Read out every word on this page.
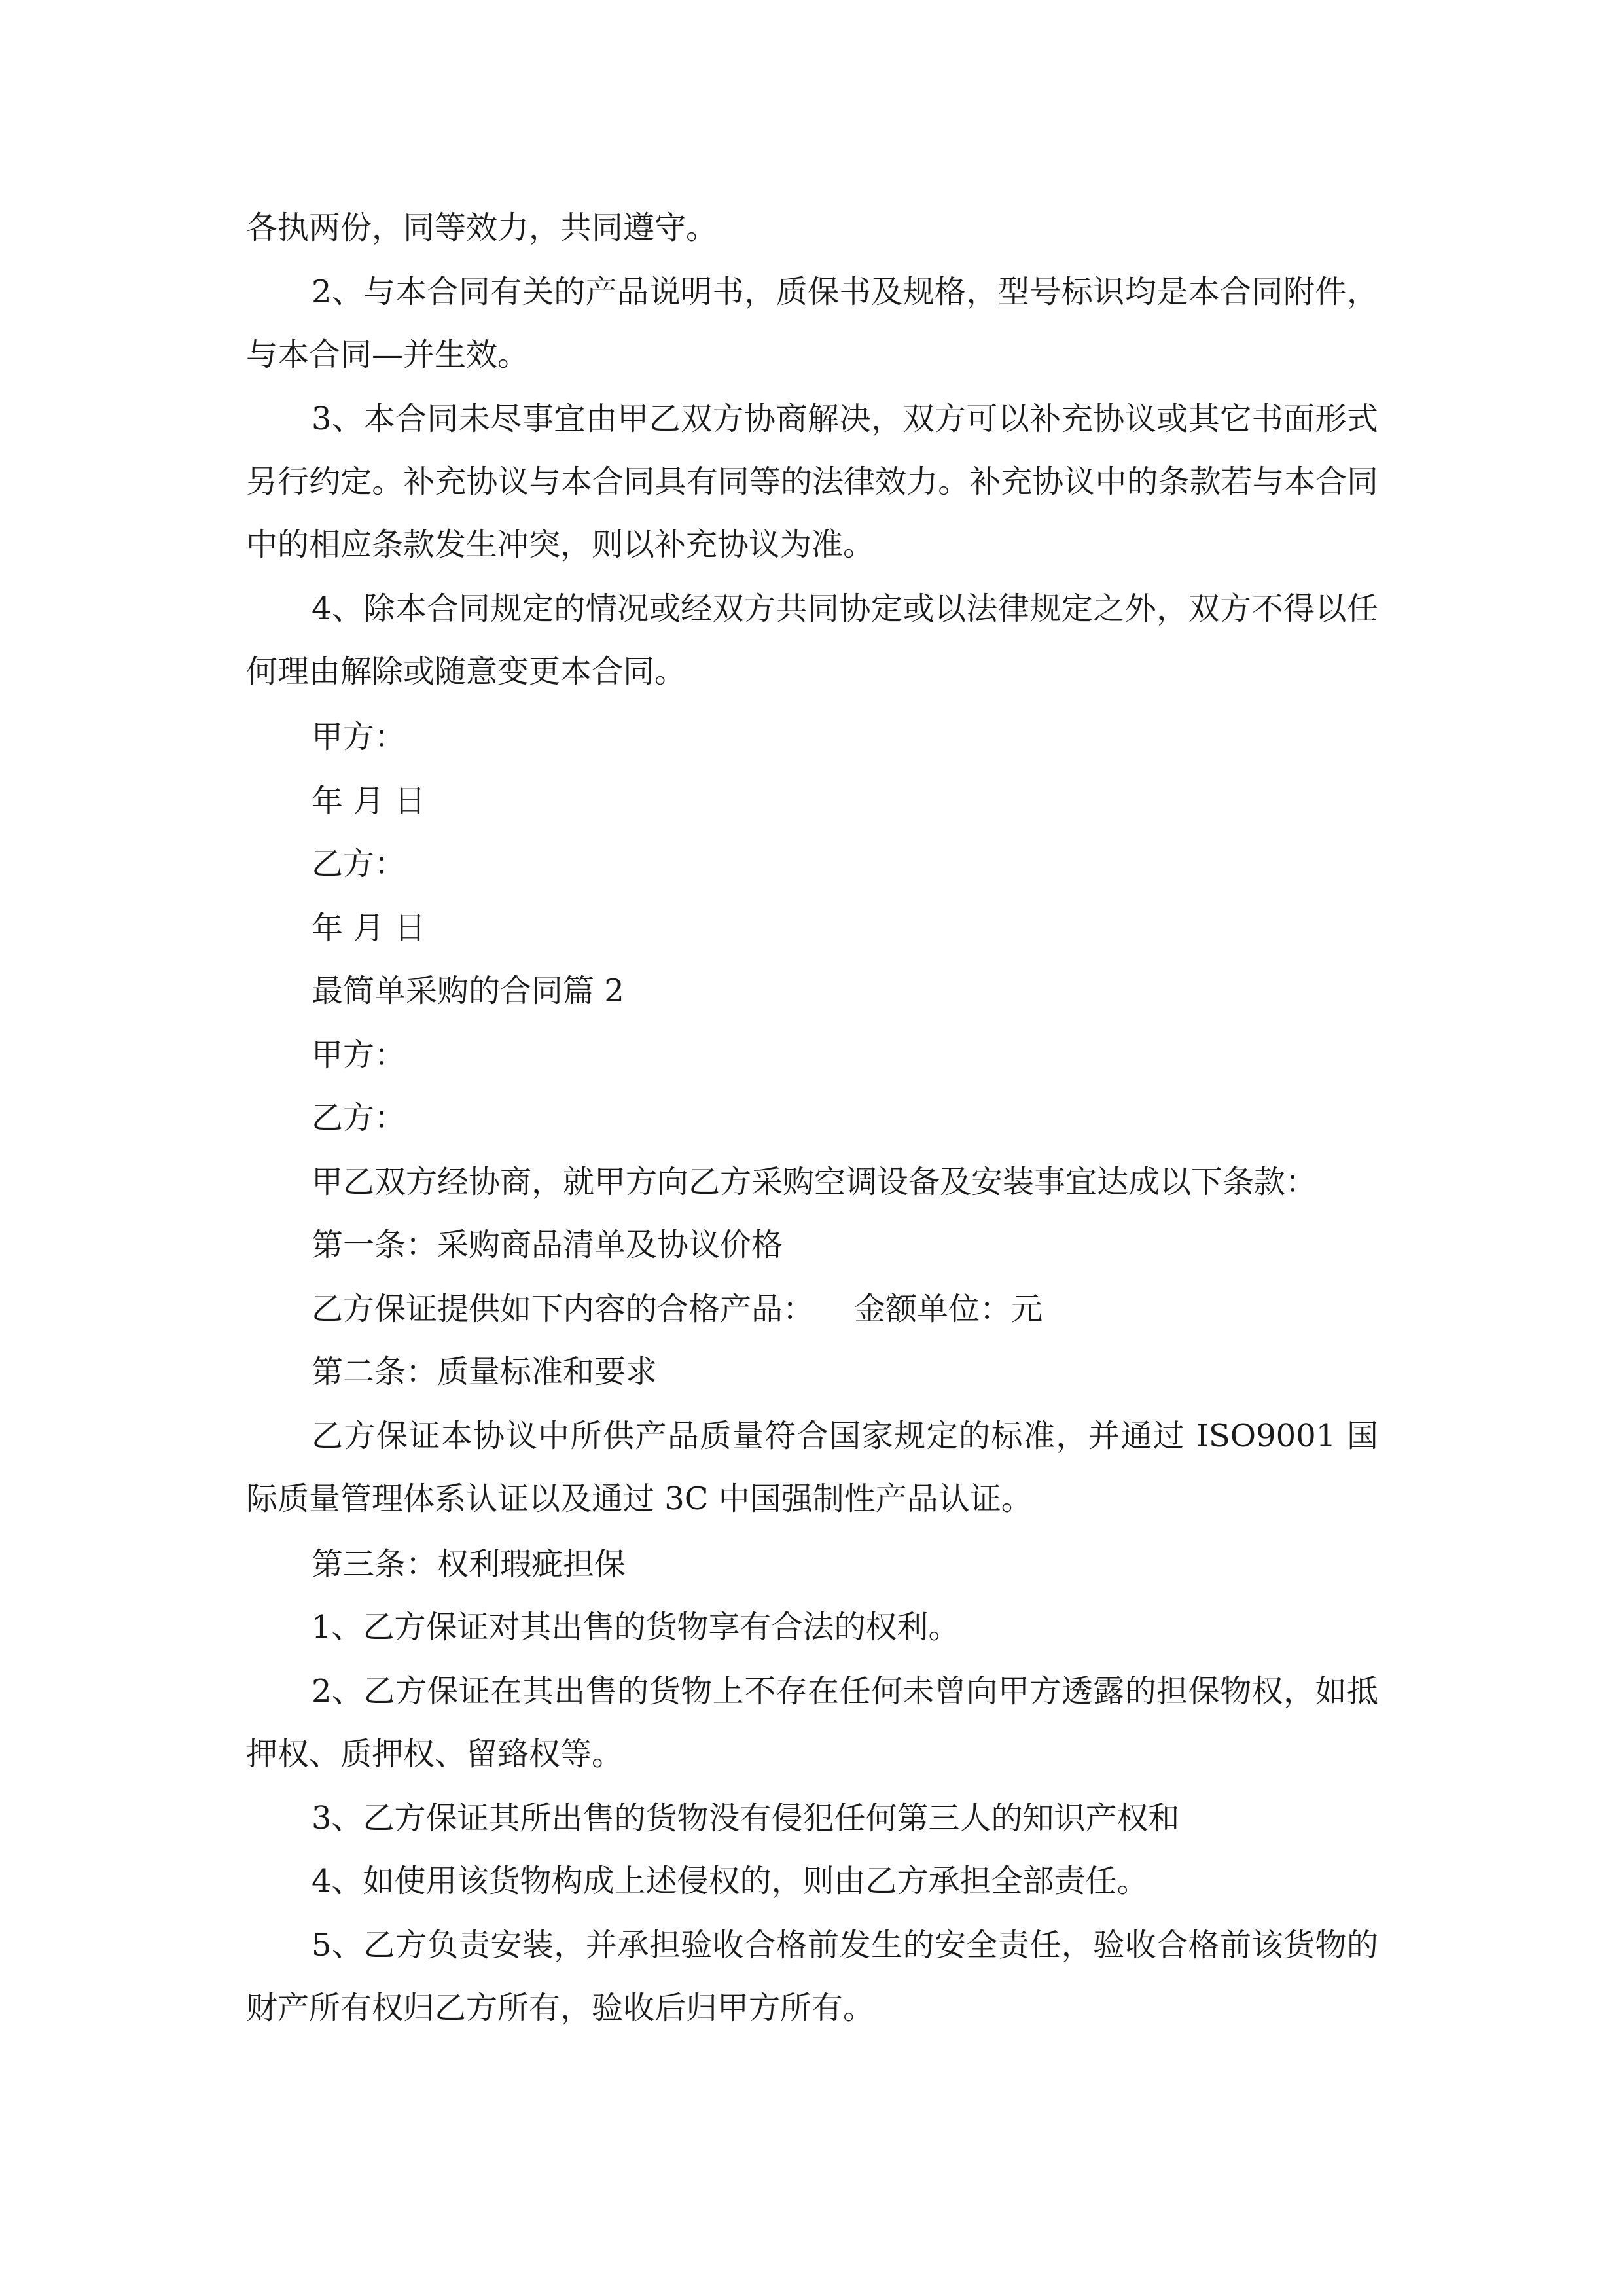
各执两份，同等效力，共同遵守。

2、与本合同有关的产品说明书，质保书及规格，型号标识均是本合同附件，与本合同—并生效。

3、本合同未尽事宜由甲乙双方协商解决，双方可以补充协议或其它书面形式另行约定。补充协议与本合同具有同等的法律效力。补充协议中的条款若与本合同中的相应条款发生冲突，则以补充协议为准。

4、除本合同规定的情况或经双方共同协定或以法律规定之外，双方不得以任何理由解除或随意变更本合同。

甲方：

年 月 日

乙方：

年 月 日

最简单采购的合同篇 2

甲方：

乙方：

甲乙双方经协商，就甲方向乙方采购空调设备及安装事宜达成以下条款：

第一条：采购商品清单及协议价格

乙方保证提供如下内容的合格产品：    金额单位：元

第二条：质量标准和要求

乙方保证本协议中所供产品质量符合国家规定的标准，并通过 ISO9001 国际质量管理体系认证以及通过 3C 中国强制性产品认证。

第三条：权利瑕疵担保

1、乙方保证对其出售的货物享有合法的权利。

2、乙方保证在其出售的货物上不存在任何未曾向甲方透露的担保物权，如抵押权、质押权、留臵权等。

3、乙方保证其所出售的货物没有侵犯任何第三人的知识产权和

4、如使用该货物构成上述侵权的，则由乙方承担全部责任。

5、乙方负责安装，并承担验收合格前发生的安全责任，验收合格前该货物的财产所有权归乙方所有，验收后归甲方所有。
